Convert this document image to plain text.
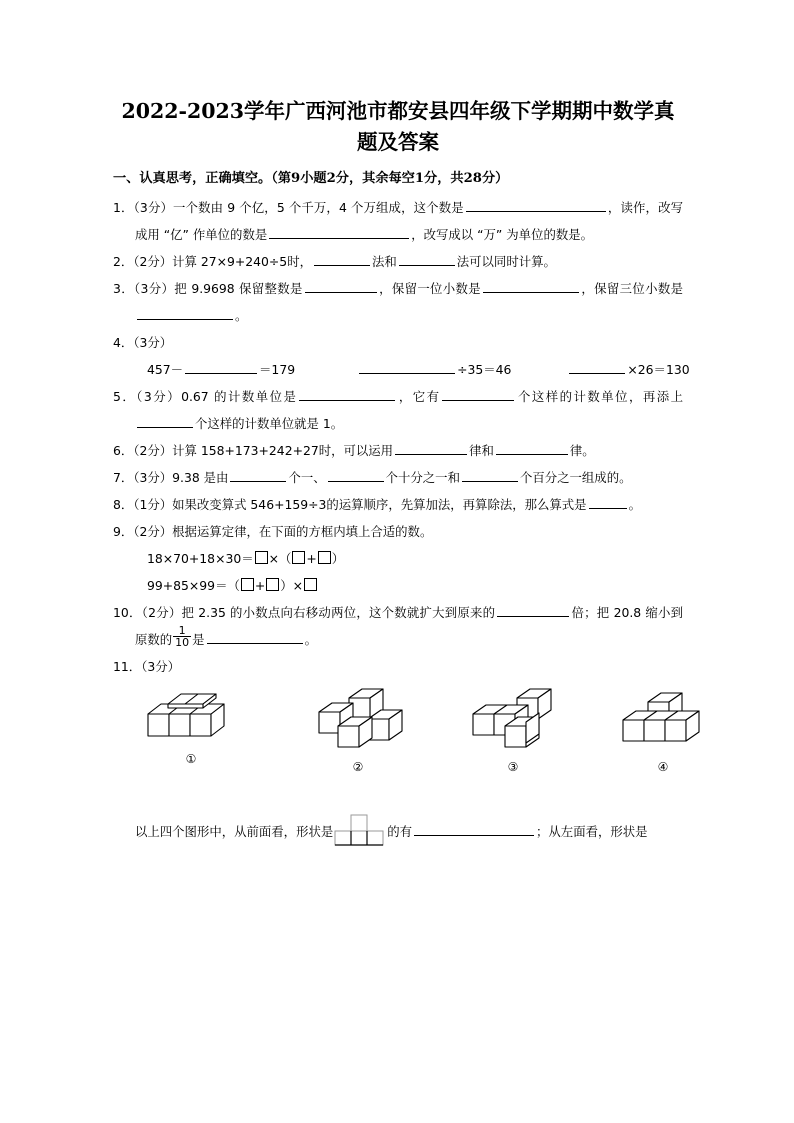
2022-2023学年广西河池市都安县四年级下学期期中数学真题及答案
一、认真思考，正确填空。（第9小题2分，其余每空1分，共28分）
1．（3分）一个数由 9 个亿，5 个千万，4 个万组成，这个数是	，读作，改写成用 “亿” 作单位的数是	，改写成以 “万” 为单位的数是。
2．（2分）计算 27×9+240÷5时，	法和	法可以同时计算。
3．（3分）把 9.9698 保留整数是	，保留一位小数是	，保留三位小数是。
4．（3分）
457－	＝179	÷35＝46	×26＝130
5．（3分）0.67 的计数单位是	，它有	个这样的计数单位，再添上个这样的计数单位就是 1。
6．（2分）计算 158+173+242+27时，可以运用	律和	律。
7．（3分）9.38 是由	个一、	个十分之一和	个百分之一组成的。
8．（1分）如果改变算式 546+159÷3的运算顺序，先算加法，再算除法，那么算式是	。
9．（2分）根据运算定律，在下面的方框内填上合适的数。
18×70+18×30＝ ×（ + ）
99+85×99＝（ + ）×
10．（2分）把 2.35 的小数点向右移动两位，这个数就扩大到原来的	倍；把 20.8 缩小到原数的 $\frac{1}{10}$ 是	。
11．（3分）
①
②	③	④
以上四个图形中，从前面看，形状是	的有	；从左面看，形状是
